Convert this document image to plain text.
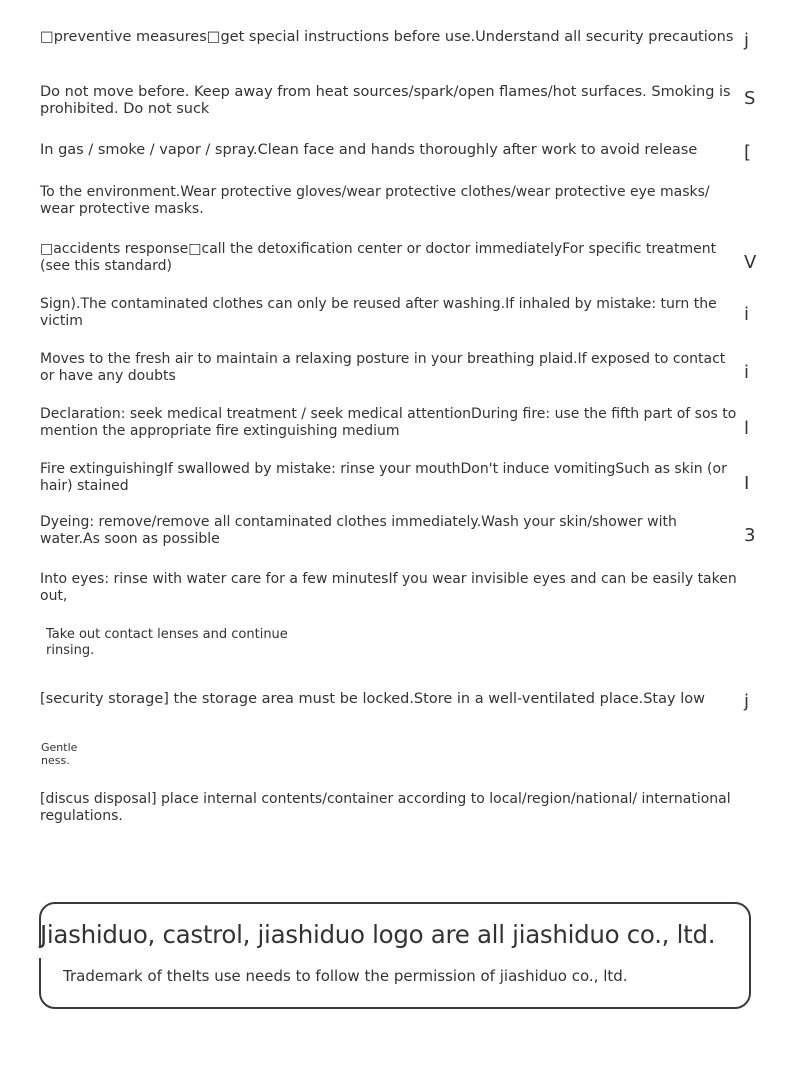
□preventive measures□get special instructions before use.Understand all security precautions

Do not move before. Keep away from heat sources/spark/open flames/hot surfaces. Smoking is prohibited. Do not suck

In gas / smoke / vapor / spray.Clean face and hands thoroughly after work to avoid release

To the environment.Wear protective gloves/wear protective clothes/wear protective eye masks/ wear protective masks.

□accidents response□call the detoxification center or doctor immediatelyFor specific treatment (see this standard)

Sign).The contaminated clothes can only be reused after washing.If inhaled by mistake: turn the victim

Moves to the fresh air to maintain a relaxing posture in your breathing plaid.If exposed to contact or have any doubts

Declaration: seek medical treatment / seek medical attentionDuring fire: use the fifth part of sos to mention the appropriate fire extinguishing medium

Fire extinguishingIf swallowed by mistake: rinse your mouthDon't induce vomitingSuch as skin (or hair) stained

Dyeing: remove/remove all contaminated clothes immediately.Wash your skin/shower with water.As soon as possible

Into eyes: rinse with water care for a few minutesIf you wear invisible eyes and can be easily taken out,

Take out contact lenses and continue rinsing.

[security storage] the storage area must be locked.Store in a well-ventilated place.Stay low

Gentle ness.

[discus disposal] place internal contents/container according to local/region/national/ international regulations.

j
S
[
V
i
i
l
I
3
j
Jiashiduo, castrol, jiashiduo logo are all jiashiduo co., ltd.
Trademark of theIts use needs to follow the permission of jiashiduo co., ltd.
